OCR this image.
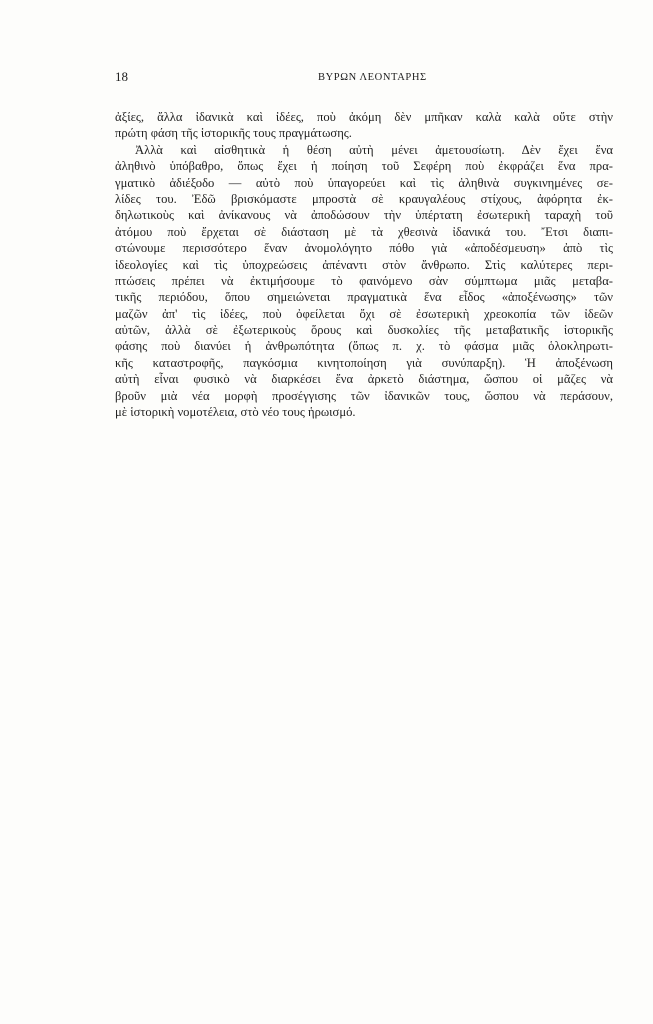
18	ΒΥΡΩΝ ΛΕΟΝΤΑΡΗΣ
ἀξίες, ἄλλα ἰδανικὰ καὶ ἰδέες, ποὺ ἀκόμη δὲν μπῆκαν καλὰ καλὰ οὔτε στὴν
πρώτη φάση τῆς ἱστορικῆς τους πραγμάτωσης.
Ἀλλὰ καὶ αἰσθητικὰ ἡ θέση αὐτὴ μένει ἀμετουσίωτη. Δὲν ἔχει ἕνα
ἀληθινὸ ὑπόβαθρο, ὅπως ἔχει ἡ ποίηση τοῦ Σεφέρη ποὺ ἐκφράζει ἕνα πρα-
γματικὸ ἀδιέξοδο — αὐτὸ ποὺ ὑπαγορεύει καὶ τὶς ἀληθινὰ συγκινημένες σε-
λίδες του. Ἐδῶ βρισκόμαστε μπροστὰ σὲ κραυγαλέους στίχους, ἀφόρητα ἐκ-
δηλωτικοὺς καὶ ἀνίκανους νὰ ἀποδώσουν τὴν ὑπέρτατη ἐσωτερικὴ ταραχὴ τοῦ
ἀτόμου ποὺ ἔρχεται σὲ διάσταση μὲ τὰ χθεσινὰ ἰδανικά του. Ἔτσι διαπι-
στώνουμε περισσότερο ἕναν ἀνομολόγητο πόθο γιὰ «ἀποδέσμευση» ἀπὸ τὶς
ἰδεολογίες καὶ τὶς ὑποχρεώσεις ἀπέναντι στὸν ἄνθρωπο. Στὶς καλύτερες περι-
πτώσεις πρέπει νὰ ἐκτιμήσουμε τὸ φαινόμενο σὰν σύμπτωμα μιᾶς μεταβα-
τικῆς περιόδου, ὅπου σημειώνεται πραγματικὰ ἕνα εἶδος «ἀποξένωσης» τῶν
μαζῶν ἀπ' τὶς ἰδέες, ποὺ ὀφείλεται ὄχι σὲ ἐσωτερικὴ χρεοκοπία τῶν ἰδεῶν
αὐτῶν, ἀλλὰ σὲ ἐξωτερικοὺς ὅρους καὶ δυσκολίες τῆς μεταβατικῆς ἱστορικῆς
φάσης ποὺ διανύει ἡ ἀνθρωπότητα (ὅπως π. χ. τὸ φάσμα μιᾶς ὁλοκληρωτι-
κῆς καταστροφῆς, παγκόσμια κινητοποίηση γιὰ συνύπαρξη). Ἡ ἀποξένωση
αὐτὴ εἶναι φυσικὸ νὰ διαρκέσει ἕνα ἀρκετὸ διάστημα, ὥσπου οἱ μᾶζες νὰ
βροῦν μιὰ νέα μορφὴ προσέγγισης τῶν ἰδανικῶν τους, ὥσπου νὰ περάσουν,
μὲ ἱστορικὴ νομοτέλεια, στὸ νέο τους ἡρωισμό.
